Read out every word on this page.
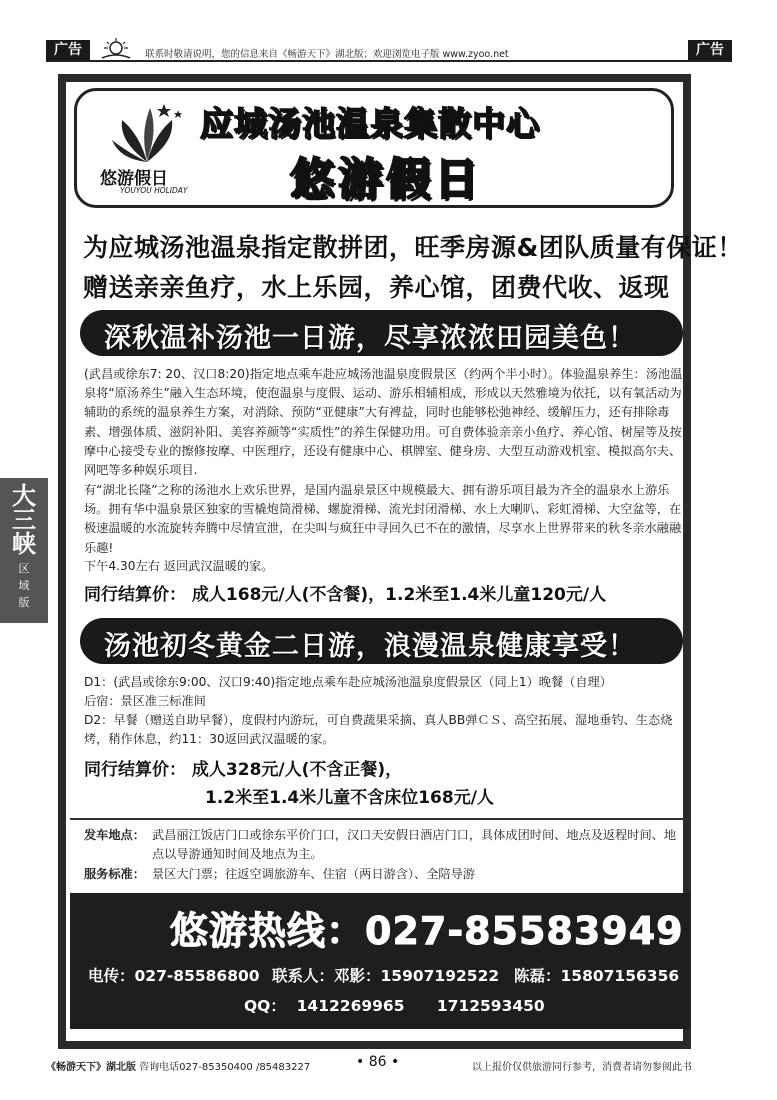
广告	联系时敬请说明，您的信息来自《畅游天下》湖北版；欢迎浏览电子版 www.zyoo.net	广告
悠游假日
YOUYOU HOLIDAY
应城汤池温泉集散中心
悠游假日
为应城汤池温泉指定散拼团，旺季房源&团队质量有保证！
赠送亲亲鱼疗，水上乐园，养心馆，团费代收、返现
深秋温补汤池一日游，尽享浓浓田园美色！
(武昌或徐东7: 20、汉口8:20)指定地点乘车赴应城汤池温泉度假景区（约两个半小时）。体验温泉养生：汤池温泉将“原汤养生”融入生态环境，使泡温泉与度假、运动、游乐相辅相成，形成以天然雅境为依托，以有氧活动为辅助的系统的温泉养生方案，对消除、预防“亚健康”大有裨益，同时也能够松弛神经、缓解压力，还有排除毒素、增强体质、滋阴补阳、美容养颜等“实质性”的养生保健功用。可自费体验亲亲小鱼疗、养心馆、树屋等及按摩中心接受专业的擦修按摩、中医理疗，还设有健康中心、棋牌室、健身房、大型互动游戏机室、模拟高尔夫、网吧等多种娱乐项目.
有“湖北长隆”之称的汤池水上欢乐世界，是国内温泉景区中规模最大、拥有游乐项目最为齐全的温泉水上游乐场。拥有华中温泉景区独家的雪橇炮筒滑梯、螺旋滑梯、流光封闭滑梯、水上大喇叭、彩虹滑梯、大空盆等，在极速温暖的水流旋转奔腾中尽情宣泄，在尖叫与疯狂中寻回久已不在的激情，尽享水上世界带来的秋冬亲水融融乐趣!
下午4.30左右 返回武汉温暖的家。
同行结算价： 成人168元/人(不含餐)，1.2米至1.4米儿童120元/人
汤池初冬黄金二日游，浪漫温泉健康享受！
D1：(武昌或徐东9:00、汉口9:40)指定地点乘车赴应城汤池温泉度假景区（同上1）晚餐（自理）
后宿：景区准三标准间
D2：早餐（赠送自助早餐），度假村内游玩，可自费蔬果采摘、真人BB弹ＣＳ、高空拓展、湿地垂钓、生态烧烤，稍作休息，约11：30返回武汉温暖的家。
同行结算价： 成人328元/人(不含正餐)，
1.2米至1.4米儿童不含床位168元/人
发车地点： 武昌丽江饭店门口或徐东平价门口，汉口天安假日酒店门口，具体成团时间、地点及返程时间、地点以导游通知时间及地点为主。
服务标准： 景区大门票；往返空调旅游车、住宿（两日游含）、全陪导游
悠游热线：027-85583949
电传：027-85586800 联系人：邓影：15907192522 陈磊：15807156356
QQ：  1412269965      1712593450
大三峡
区域版
《畅游天下》湖北版 咨询电话027-85350400 /85483227	• 86 •	以上报价仅供旅游同行参考，消费者请勿参阅此书
